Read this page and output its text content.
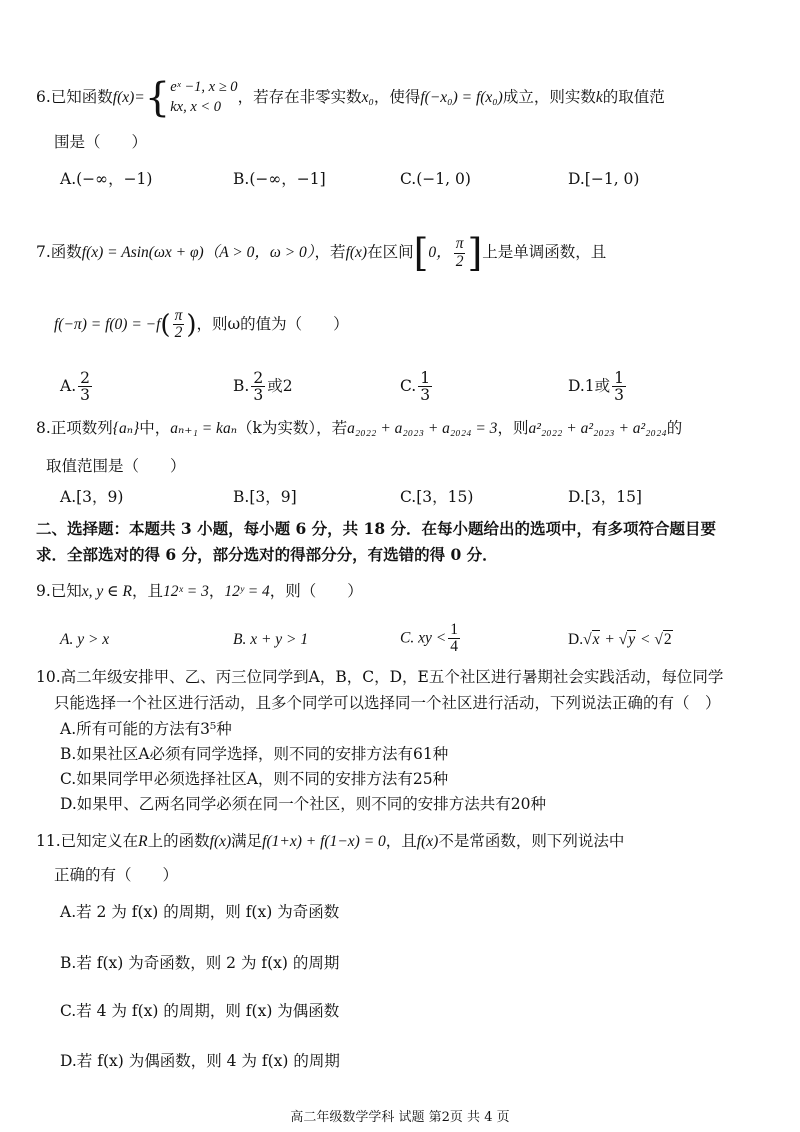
6.已知函数f(x)={ eˣ −1, x ≥ 0
kx, x < 0
，若存在非零实数x₀，使得f(−x₀) = f(x₀)成立，则实数k的取值范
围是（　　）
A.(−∞，−1)	B.(−∞，−1]	C.(−1, 0)	D.[−1, 0)
7.函数f(x) = Asin(ωx + φ)（A > 0，ω > 0），若f(x)在区间[0， $\frac{\pi}{2}$ ]上是单调函数，且
$f(-\pi) = f(0) = -f( \frac{\pi}{2}$ )，则ω的值为（　　）
A. $\frac{2}{3}$	B. $\frac{2}{3}$ 或2	C. $\frac{1}{3}$	D.1或 $\frac{1}{3}$
8.正项数列{aₙ}中，aₙ₊₁ = kaₙ（k为实数），若a₂₀₂₂ + a₂₀₂₃ + a₂₀₂₄ = 3，则a²₂₀₂₂ + a²₂₀₂₃ + a²₂₀₂₄的
取值范围是（　　）
A.[3，9)	B.[3，9]	C.[3，15)	D.[3，15]
二、选择题：本题共 3 小题，每小题 6 分，共 18 分．在每小题给出的选项中，有多项符合题目要
求．全部选对的得 6 分，部分选对的得部分分，有选错的得 0 分．
9.已知x, y ∈ R，且12ˣ = 3，12ʸ = 4，则（　　）
A. y > x	B. x + y > 1	C. xy < $\frac{1}{4}$	D.√x + √y < √2
10.高二年级安排甲、乙、丙三位同学到A，B，C，D，E五个社区进行暑期社会实践活动，每位同学
只能选择一个社区进行活动，且多个同学可以选择同一个社区进行活动，下列说法正确的有（　）
A.所有可能的方法有3⁵种
B.如果社区A必须有同学选择，则不同的安排方法有61种
C.如果同学甲必须选择社区A，则不同的安排方法有25种
D.如果甲、乙两名同学必须在同一个社区，则不同的安排方法共有20种
11.已知定义在R上的函数f(x)满足f(1+x) + f(1−x) = 0，且f(x)不是常函数，则下列说法中
正确的有（　　）
A.若 2 为 f(x) 的周期，则 f(x) 为奇函数
B.若 f(x) 为奇函数，则 2 为 f(x) 的周期
C.若 4 为 f(x) 的周期，则 f(x) 为偶函数
D.若 f(x) 为偶函数，则 4 为 f(x) 的周期
高二年级数学学科 试题 第2页 共 4 页
